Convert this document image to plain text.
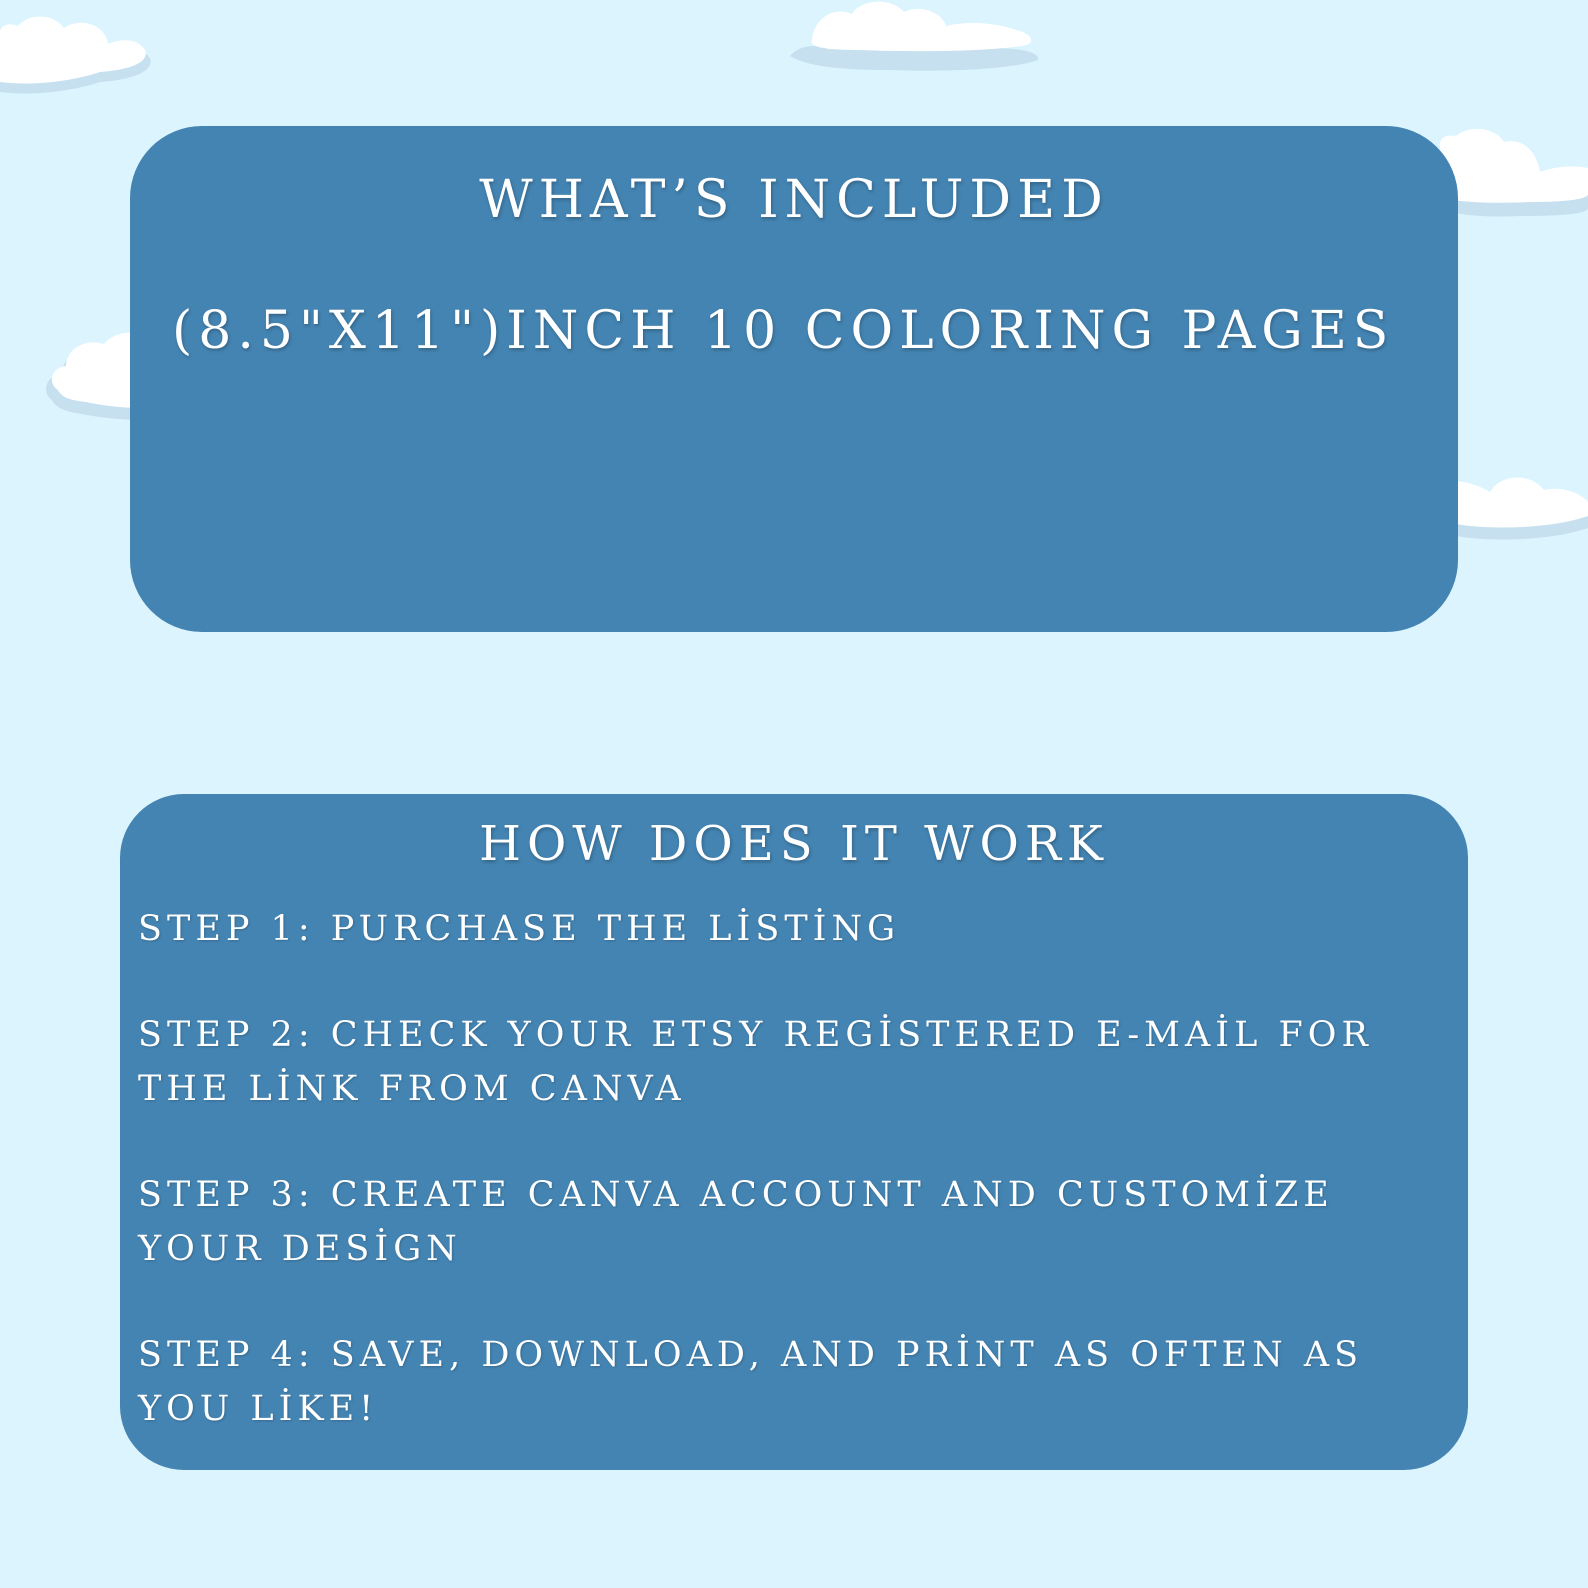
WHAT’S INCLUDED
(8.5"X11")INCH 10 COLORING PAGES
HOW DOES IT WORK

STEP 1: PURCHASE THE LİSTİNG

STEP 2: CHECK YOUR ETSY REGİSTERED E-MAİL FOR THE LİNK FROM CANVA

STEP 3: CREATE CANVA ACCOUNT AND CUSTOMİZE YOUR DESİGN

STEP 4: SAVE, DOWNLOAD, AND PRİNT AS OFTEN AS YOU LİKE!
